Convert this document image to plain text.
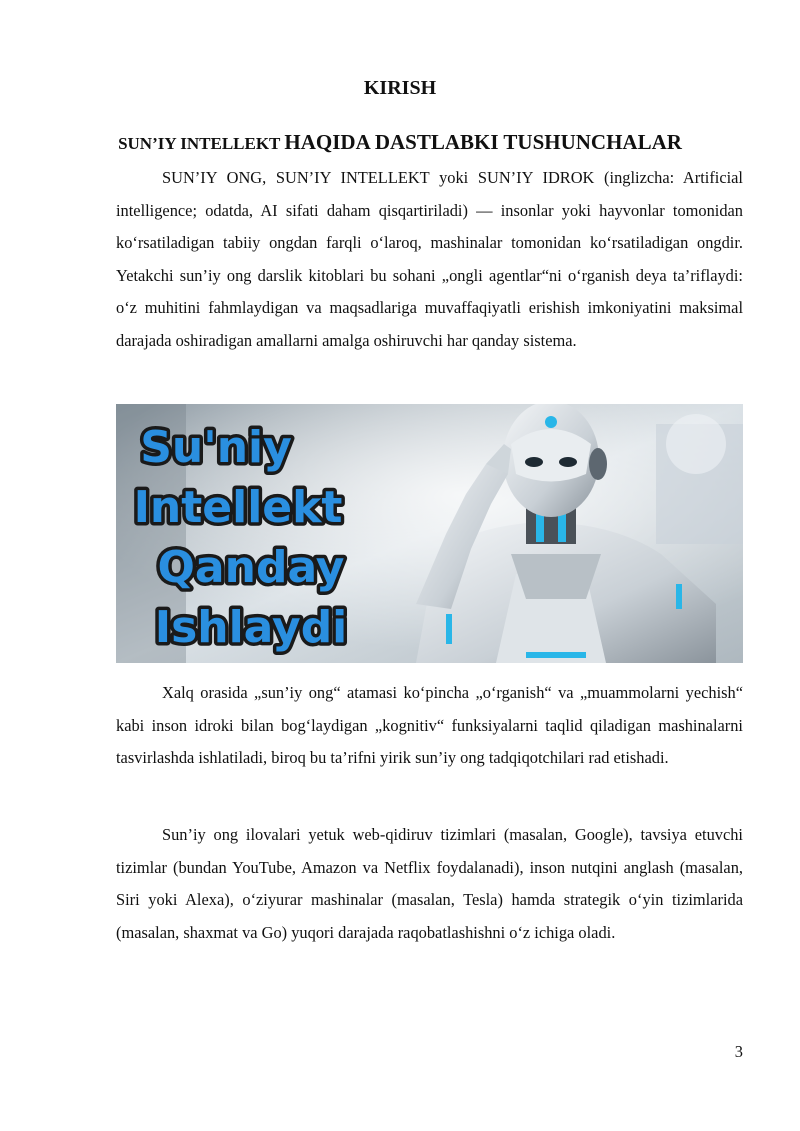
KIRISH
SUN’IY INTELLEKT HAQIDA DASTLABKI TUSHUNCHALAR

SUN’IY ONG, SUN’IY INTELLEKT yoki SUN’IY IDROK (inglizcha: Artificial intelligence; odatda, AI sifati daham qisqartiriladi) — insonlar yoki hayvonlar tomonidan ko‘rsatiladigan tabiiy ongdan farqli o‘laroq, mashinalar tomonidan ko‘rsatiladigan ongdir. Yetakchi sun’iy ong darslik kitoblari bu sohani „ongli agentlar“ni o‘rganish deya ta’riflaydi: o‘z muhitini fahmlaydigan va maqsadlariga muvaffaqiyatli erishish imkoniyatini maksimal darajada oshiradigan amallarni amalga oshiruvchi har qanday sistema.

Su'niy
Intellekt
Qanday
Ishlaydi

Xalq orasida „sun’iy ong“ atamasi ko‘pincha „o‘rganish“ va „muammolarni yechish“ kabi inson idroki bilan bog‘laydigan „kognitiv“ funksiyalarni taqlid qiladigan mashinalarni tasvirlashda ishlatiladi, biroq bu ta’rifni yirik sun’iy ong tadqiqotchilari rad etishadi.

Sun’iy ong ilovalari yetuk web-qidiruv tizimlari (masalan, Google), tavsiya etuvchi tizimlar (bundan YouTube, Amazon va Netflix foydalanadi), inson nutqini anglash (masalan, Siri yoki Alexa), o‘ziyurar mashinalar (masalan, Tesla) hamda strategik o‘yin tizimlarida (masalan, shaxmat va Go) yuqori darajada raqobatlashishni o‘z ichiga oladi.

3
